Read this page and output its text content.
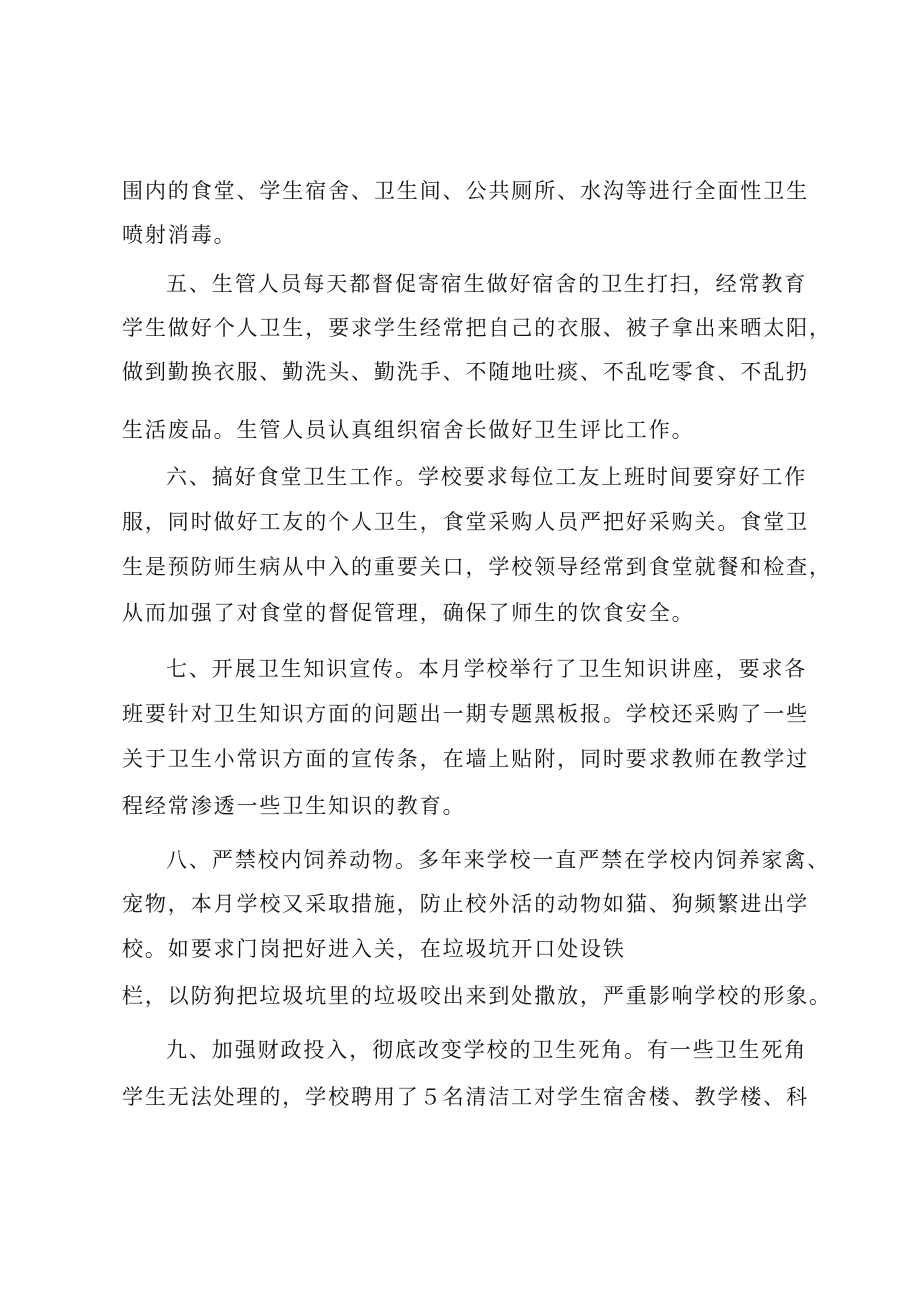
围内的食堂、学生宿舍、卫生间、公共厕所、水沟等进行全面性卫生
喷射消毒。
五、生管人员每天都督促寄宿生做好宿舍的卫生打扫，经常教育
学生做好个人卫生，要求学生经常把自己的衣服、被子拿出来晒太阳，
做到勤换衣服、勤洗头、勤洗手、不随地吐痰、不乱吃零食、不乱扔
生活废品。生管人员认真组织宿舍长做好卫生评比工作。
六、搞好食堂卫生工作。学校要求每位工友上班时间要穿好工作
服，同时做好工友的个人卫生，食堂采购人员严把好采购关。食堂卫
生是预防师生病从中入的重要关口，学校领导经常到食堂就餐和检查，
从而加强了对食堂的督促管理，确保了师生的饮食安全。
七、开展卫生知识宣传。本月学校举行了卫生知识讲座，要求各
班要针对卫生知识方面的问题出一期专题黑板报。学校还采购了一些
关于卫生小常识方面的宣传条，在墙上贴附，同时要求教师在教学过
程经常渗透一些卫生知识的教育。
八、严禁校内饲养动物。多年来学校一直严禁在学校内饲养家禽、
宠物，本月学校又采取措施，防止校外活的动物如猫、狗频繁进出学
校。如要求门岗把好进入关，在垃圾坑开口处设铁
栏，以防狗把垃圾坑里的垃圾咬出来到处撒放，严重影响学校的形象。
九、加强财政投入，彻底改变学校的卫生死角。有一些卫生死角
学生无法处理的，学校聘用了５名清洁工对学生宿舍楼、教学楼、科
